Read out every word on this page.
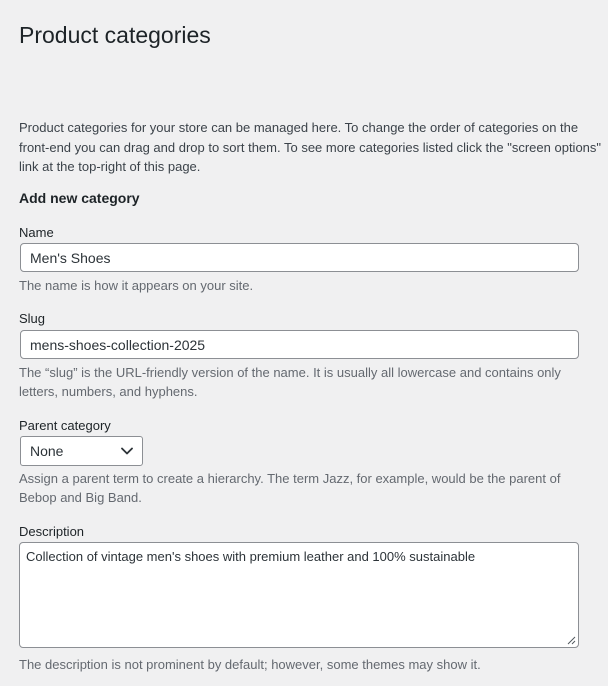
Product categories

Product categories for your store can be managed here. To change the order of categories on the front-end you can drag and drop to sort them. To see more categories listed click the "screen options" link at the top-right of this page.

Add new category
Name
Men's Shoes

The name is how it appears on your site.

Slug
mens-shoes-collection-2025

The “slug” is the URL-friendly version of the name. It is usually all lowercase and contains only letters, numbers, and hyphens.

Parent category
None

Assign a parent term to create a hierarchy. The term Jazz, for example, would be the parent of Bebop and Big Band.

Description
Collection of vintage men's shoes with premium leather and 100% sustainable

The description is not prominent by default; however, some themes may show it.
